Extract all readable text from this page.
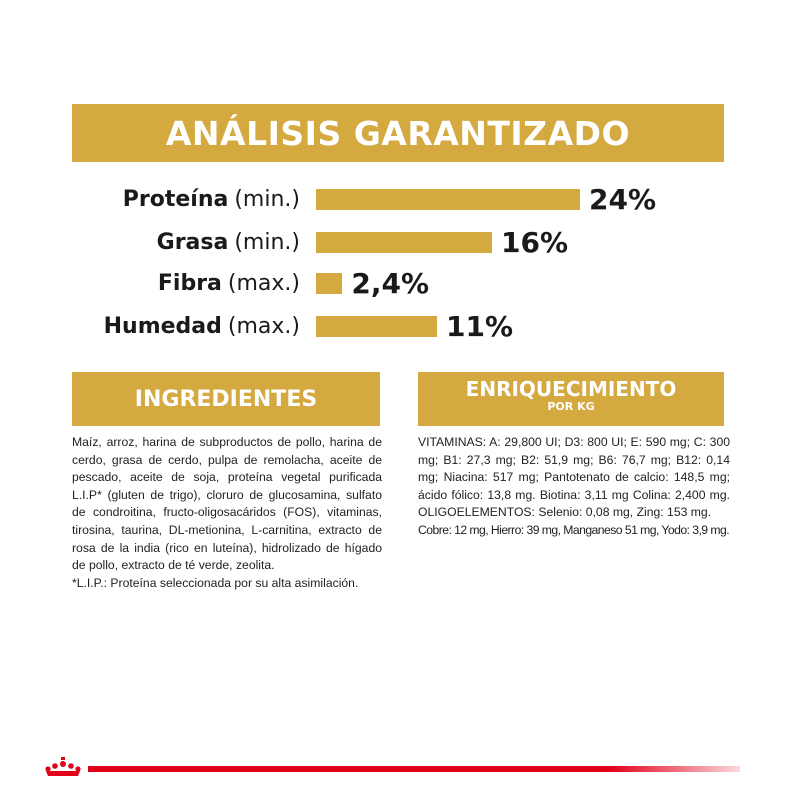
ANÁLISIS GARANTIZADO
Proteína (min.)	24%
Grasa (min.)	16%
Fibra (max.) 2,4%
Humedad (max.)	11%
INGREDIENTES

Maíz, arroz, harina de subproductos de pollo, harina de cerdo, grasa de cerdo, pulpa de remolacha, aceite de pescado, aceite de soja, proteína vegetal purificada L.I.P* (gluten de trigo), cloruro de glucosamina, sulfato de condroitina, fructo-oligosacáridos (FOS), vitaminas, tirosina, taurina, DL-metionina, L-carnitina, extracto de rosa de la india (rico en luteína), hidrolizado de hígado de pollo, extracto de té verde, zeolita.

*L.I.P.: Proteína seleccionada por su alta asimilación.

ENRIQUECIMIENTO
POR KG

VITAMINAS: A: 29,800 UI; D3: 800 UI; E: 590 mg; C: 300 mg; B1: 27,3 mg; B2: 51,9 mg; B6: 76,7 mg; B12: 0,14 mg; Niacina: 517 mg; Pantotenato de calcio: 148,5 mg; ácido fólico: 13,8 mg. Biotina: 3,11 mg Colina: 2,400 mg. OLIGOELEMENTOS: Selenio: 0,08 mg, Zing: 153 mg.

Cobre: 12 mg, Hierro: 39 mg, Manganeso 51 mg, Yodo: 3,9 mg.
